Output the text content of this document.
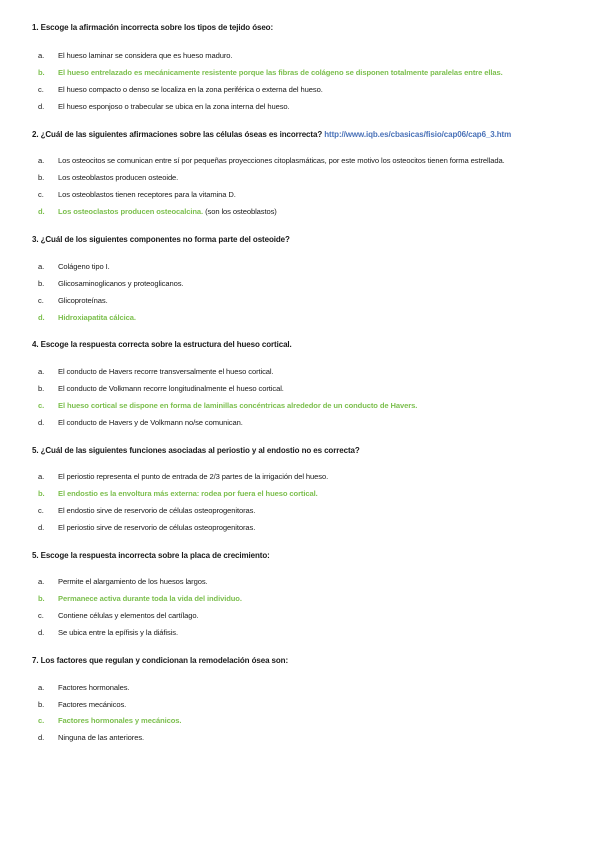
1. Escoge la afirmación incorrecta sobre los tipos de tejido óseo:
a. El hueso laminar se considera que es hueso maduro.
b. El hueso entrelazado es mecánicamente resistente porque las fibras de colágeno se disponen totalmente paralelas entre ellas.
c. El hueso compacto o denso se localiza en la zona periférica o externa del hueso.
d. El hueso esponjoso o trabecular se ubica en la zona interna del hueso.
2. ¿Cuál de las siguientes afirmaciones sobre las células óseas es incorrecta? http://www.iqb.es/cbasicas/fisio/cap06/cap6_3.htm
a. Los osteocitos se comunican entre sí por pequeñas proyecciones citoplasmáticas, por este motivo los osteocitos tienen forma estrellada.
b. Los osteoblastos producen osteoide.
c. Los osteoblastos tienen receptores para la vitamina D.
d. Los osteoclastos producen osteocalcina. (son los osteoblastos)
3. ¿Cuál de los siguientes componentes no forma parte del osteoide?
a. Colágeno tipo I.
b. Glicosaminoglicanos y proteoglicanos.
c. Glicoproteínas.
d. Hidroxiapatita cálcica.
4. Escoge la respuesta correcta sobre la estructura del hueso cortical.
a. El conducto de Havers recorre transversalmente el hueso cortical.
b. El conducto de Volkmann recorre longitudinalmente el hueso cortical.
c. El hueso cortical se dispone en forma de laminillas concéntricas alrededor de un conducto de Havers.
d. El conducto de Havers y de Volkmann no/se comunican.
5. ¿Cuál de las siguientes funciones asociadas al periostio y al endostio no es correcta?
a. El periostio representa el punto de entrada de 2/3 partes de la irrigación del hueso.
b. El endostio es la envoltura más externa: rodea por fuera el hueso cortical.
c. El endostio sirve de reservorio de células osteoprogenitoras.
d. El periostio sirve de reservorio de células osteoprogenitoras.
5. Escoge la respuesta incorrecta sobre la placa de crecimiento:
a. Permite el alargamiento de los huesos largos.
b. Permanece activa durante toda la vida del individuo.
c. Contiene células y elementos del cartílago.
d. Se ubica entre la epífisis y la diáfisis.
7. Los factores que regulan y condicionan la remodelación ósea son:
a. Factores hormonales.
b. Factores mecánicos.
c. Factores hormonales y mecánicos.
d. Ninguna de las anteriores.
